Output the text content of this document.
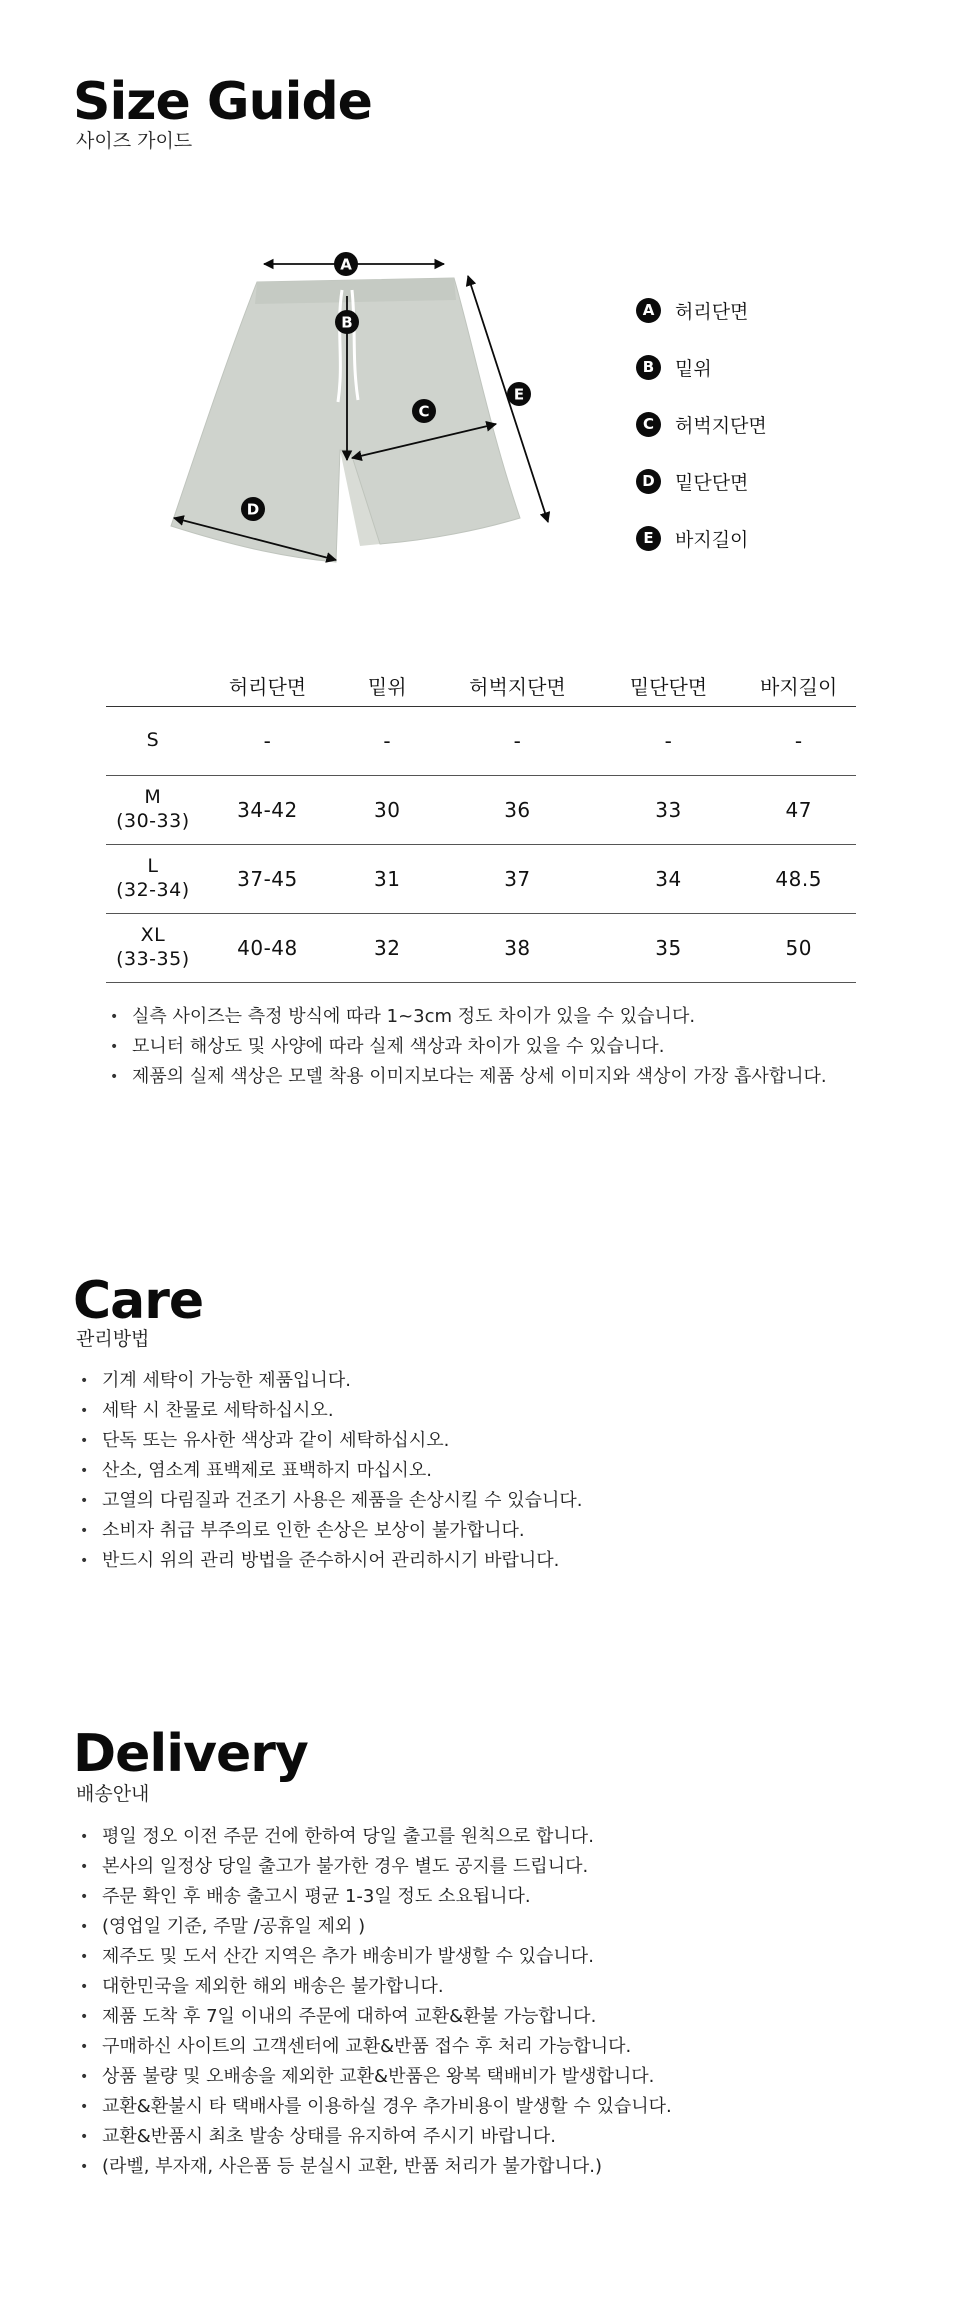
Size Guide

사이즈 가이드

A
B
C
D
E
A	허리단면
B	밑위
C	허벅지단면
D	밑단단면
E	바지길이
	허리단면	밑위	허벅지단면	밑단단면	바지길이
S	-	-	-	-	-
M
(30-33)	34-42	30	36	33	47
L
(32-34)	37-45	31	37	34	48.5
XL
(33-35)	40-48	32	38	35	50
• 실측 사이즈는 측정 방식에 따라 1~3cm 정도 차이가 있을 수 있습니다.
• 모니터 해상도 및 사양에 따라 실제 색상과 차이가 있을 수 있습니다.
• 제품의 실제 색상은 모델 착용 이미지보다는 제품 상세 이미지와 색상이 가장 흡사합니다.
Care

관리방법

• 기계 세탁이 가능한 제품입니다.
• 세탁 시 찬물로 세탁하십시오.
• 단독 또는 유사한 색상과 같이 세탁하십시오.
• 산소, 염소계 표백제로 표백하지 마십시오.
• 고열의 다림질과 건조기 사용은 제품을 손상시킬 수 있습니다.
• 소비자 취급 부주의로 인한 손상은 보상이 불가합니다.
• 반드시 위의 관리 방법을 준수하시어 관리하시기 바랍니다.
Delivery

배송안내

• 평일 정오 이전 주문 건에 한하여 당일 출고를 원칙으로 합니다.
• 본사의 일정상 당일 출고가 불가한 경우 별도 공지를 드립니다.
• 주문 확인 후 배송 출고시 평균 1-3일 정도 소요됩니다.
• (영업일 기준, 주말 /공휴일 제외 )
• 제주도 및 도서 산간 지역은 추가 배송비가 발생할 수 있습니다.
• 대한민국을 제외한 해외 배송은 불가합니다.
• 제품 도착 후 7일 이내의 주문에 대하여 교환&환불 가능합니다.
• 구매하신 사이트의 고객센터에 교환&반품 접수 후 처리 가능합니다.
• 상품 불량 및 오배송을 제외한 교환&반품은 왕복 택배비가 발생합니다.
• 교환&환불시 타 택배사를 이용하실 경우 추가비용이 발생할 수 있습니다.
• 교환&반품시 최초 발송 상태를 유지하여 주시기 바랍니다.
• (라벨, 부자재, 사은품 등 분실시 교환, 반품 처리가 불가합니다.)
